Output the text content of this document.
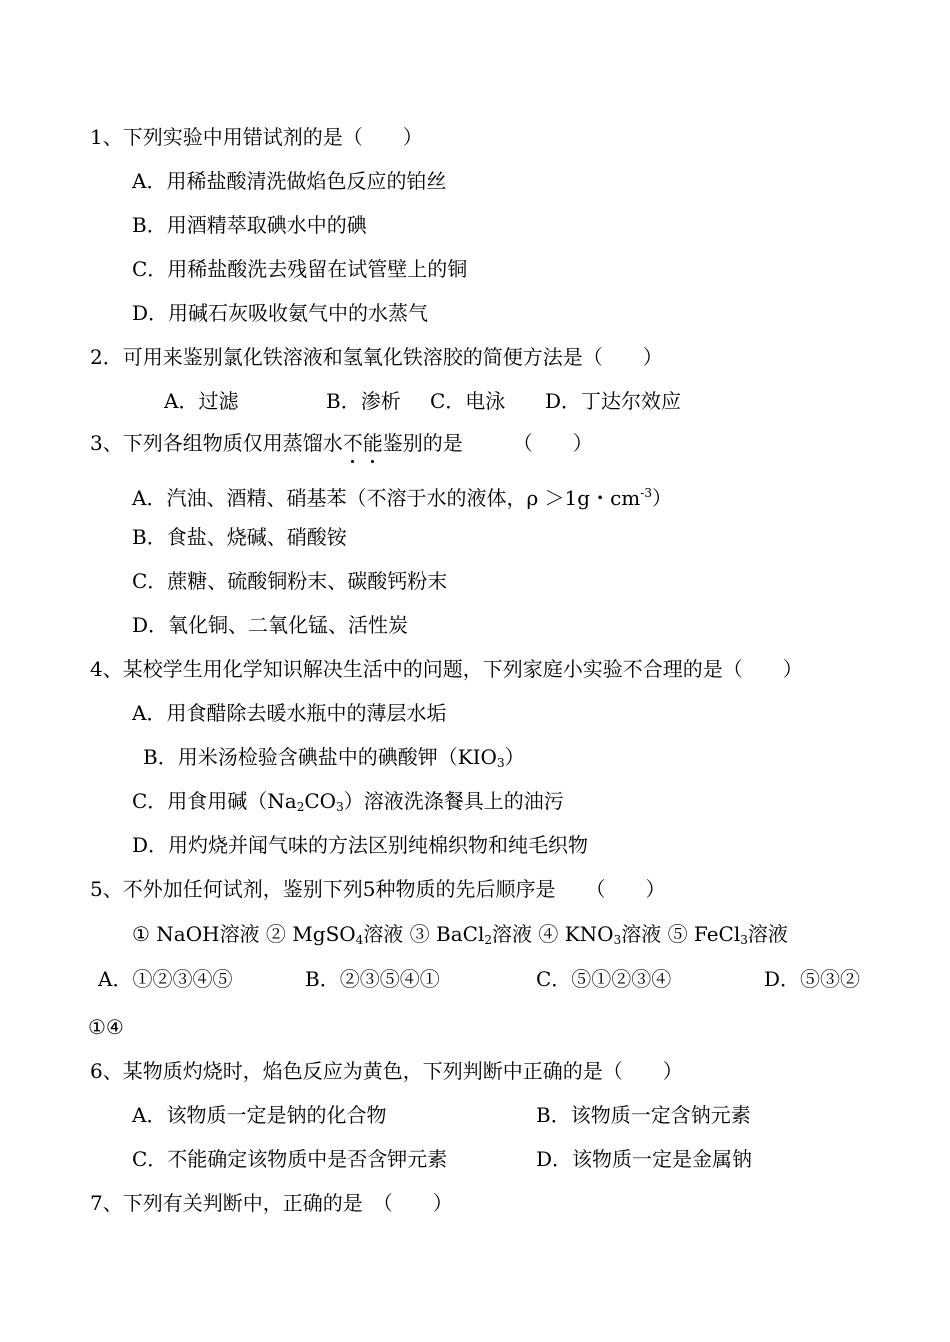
1、下列实验中用错试剂的是（　　）
A．用稀盐酸清洗做焰色反应的铂丝
B．用酒精萃取碘水中的碘
C．用稀盐酸洗去残留在试管壁上的铜
D．用碱石灰吸收氨气中的水蒸气
2．可用来鉴别氯化铁溶液和氢氧化铁溶胶的简便方法是（　　）
A．过滤	B．渗析 C．电泳 D．丁达尔效应
3、下列各组物质仅用蒸馏水不能鉴别的是　　　（　　）
A．汽油、酒精、硝基苯（不溶于水的液体，ρ ＞1g・$cm^{-3}$）
B．食盐、烧碱、硝酸铵
C．蔗糖、硫酸铜粉末、碳酸钙粉末
D．氧化铜、二氧化锰、活性炭
4、某校学生用化学知识解决生活中的问题，下列家庭小实验不合理的是（　　）
A．用食醋除去暖水瓶中的薄层水垢
B．用米汤检验含碘盐中的碘酸钾$(KIO_3)$
C．用食用碱$(Na_2CO_3)$溶液洗涤餐具上的油污
D．用灼烧并闻气味的方法区别纯棉织物和纯毛织物
5、不外加任何试剂，鉴别下列5种物质的先后顺序是　　（　　）
① NaOH溶液 ② MgSO$_4$溶液 ③ BaCl$_2$溶液 ④ $KNO_3$溶液 ⑤ FeCl$_3$溶液
A．①②③④⑤	B．②③⑤④①	C．⑤①②③④	D．⑤③②
①④
6、某物质灼烧时，焰色反应为黄色，下列判断中正确的是（　　）
A．该物质一定是钠的化合物	B．该物质一定含钠元素
C．不能确定该物质中是否含钾元素	D．该物质一定是金属钠
7、下列有关判断中，正确的是　（　　）
